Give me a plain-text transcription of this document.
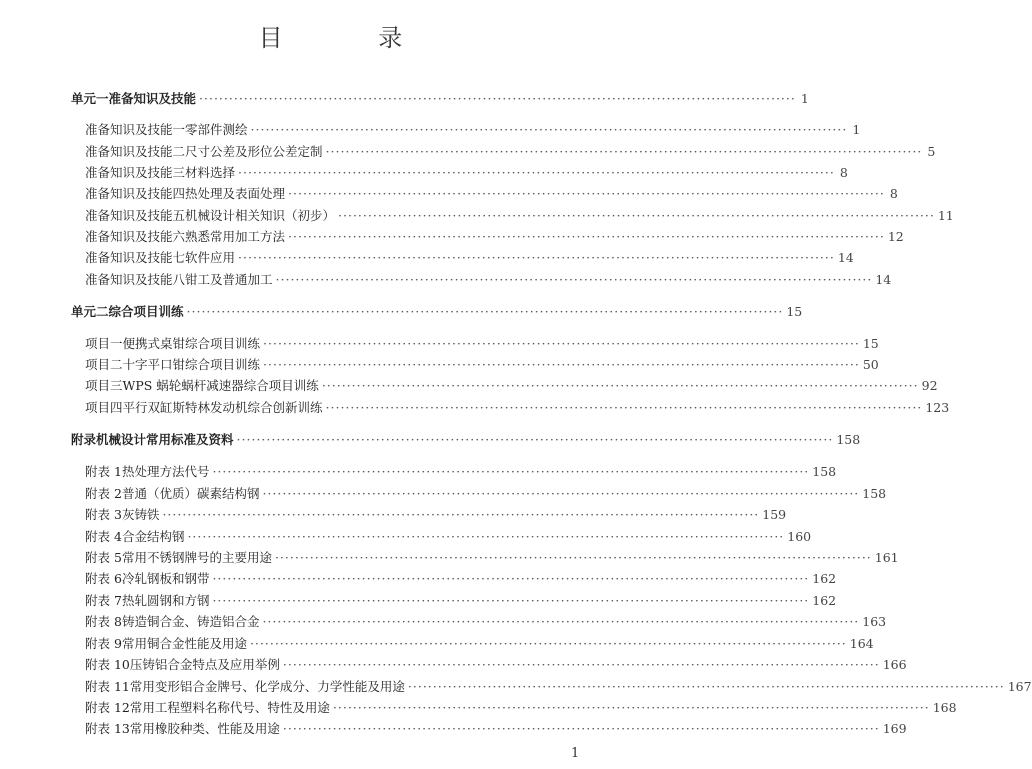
目 录
单元一 准备知识及技能 ························································································································ 1
准备知识及技能一 零部件测绘 ························································································································ 1
准备知识及技能二 尺寸公差及形位公差定制 ························································································································ 5
准备知识及技能三 材料选择 ························································································································ 8
准备知识及技能四 热处理及表面处理 ························································································································ 8
准备知识及技能五 机械设计相关知识（初步） ························································································································ 11
准备知识及技能六 熟悉常用加工方法 ························································································································ 12
准备知识及技能七 软件应用 ························································································································ 14
准备知识及技能八 钳工及普通加工 ························································································································ 14
单元二 综合项目训练 ························································································································ 15
项目一 便携式桌钳综合项目训练 ························································································································ 15
项目二 十字平口钳综合项目训练 ························································································································ 50
项目三 WPS 蜗轮蜗杆减速器综合项目训练 ························································································································ 92
项目四 平行双缸斯特林发动机综合创新训练 ························································································································ 123
附录 机械设计常用标准及资料 ························································································································ 158
附表 1 热处理方法代号 ························································································································ 158
附表 2 普通（优质）碳素结构钢 ························································································································ 158
附表 3 灰铸铁 ························································································································ 159
附表 4 合金结构钢 ························································································································ 160
附表 5 常用不锈钢牌号的主要用途 ························································································································ 161
附表 6 冷轧钢板和钢带 ························································································································ 162
附表 7 热轧圆钢和方钢 ························································································································ 162
附表 8 铸造铜合金、铸造铝合金 ························································································································ 163
附表 9 常用铜合金性能及用途 ························································································································ 164
附表 10 压铸铝合金特点及应用举例 ························································································································ 166
附表 11 常用变形铝合金牌号、化学成分、力学性能及用途 ························································································································ 167
附表 12 常用工程塑料名称代号、特性及用途 ························································································································ 168
附表 13 常用橡胶种类、性能及用途 ························································································································ 169
1
